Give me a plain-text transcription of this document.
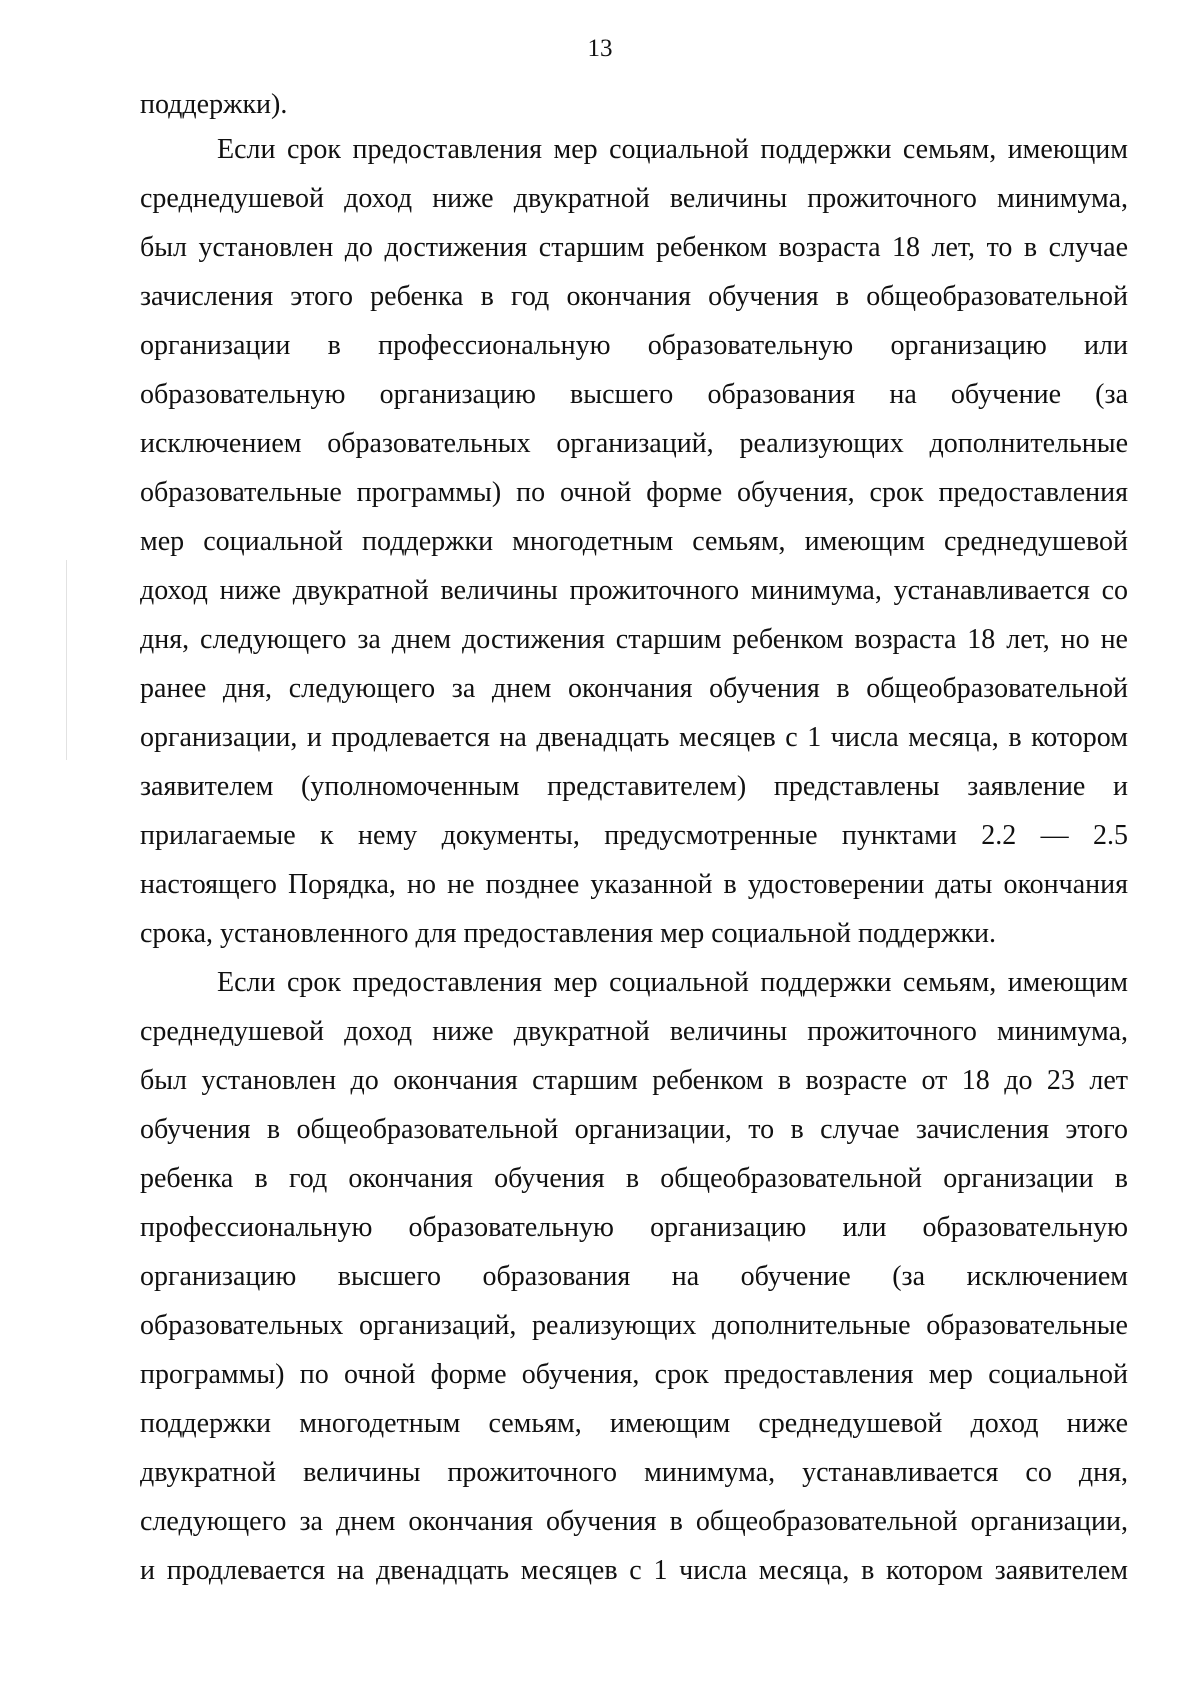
13
поддержки).
Если срок предоставления мер социальной поддержки семьям, имеющим
среднедушевой доход ниже двукратной величины прожиточного минимума,
был установлен до достижения старшим ребенком возраста 18 лет, то в случае
зачисления этого ребенка в год окончания обучения в общеобразовательной
организации в профессиональную образовательную организацию или
образовательную организацию высшего образования на обучение (за
исключением образовательных организаций, реализующих дополнительные
образовательные программы) по очной форме обучения, срок предоставления
мер социальной поддержки многодетным семьям, имеющим среднедушевой
доход ниже двукратной величины прожиточного минимума, устанавливается со
дня, следующего за днем достижения старшим ребенком возраста 18 лет, но не
ранее дня, следующего за днем окончания обучения в общеобразовательной
организации, и продлевается на двенадцать месяцев с 1 числа месяца, в котором
заявителем (уполномоченным представителем) представлены заявление и
прилагаемые к нему документы, предусмотренные пунктами 2.2 — 2.5
настоящего Порядка, но не позднее указанной в удостоверении даты окончания
срока, установленного для предоставления мер социальной поддержки.
Если срок предоставления мер социальной поддержки семьям, имеющим
среднедушевой доход ниже двукратной величины прожиточного минимума,
был установлен до окончания старшим ребенком в возрасте от 18 до 23 лет
обучения в общеобразовательной организации, то в случае зачисления этого
ребенка в год окончания обучения в общеобразовательной организации в
профессиональную образовательную организацию или образовательную
организацию высшего образования на обучение (за исключением
образовательных организаций, реализующих дополнительные образовательные
программы) по очной форме обучения, срок предоставления мер социальной
поддержки многодетным семьям, имеющим среднедушевой доход ниже
двукратной величины прожиточного минимума, устанавливается со дня,
следующего за днем окончания обучения в общеобразовательной организации,
и продлевается на двенадцать месяцев с 1 числа месяца, в котором заявителем
